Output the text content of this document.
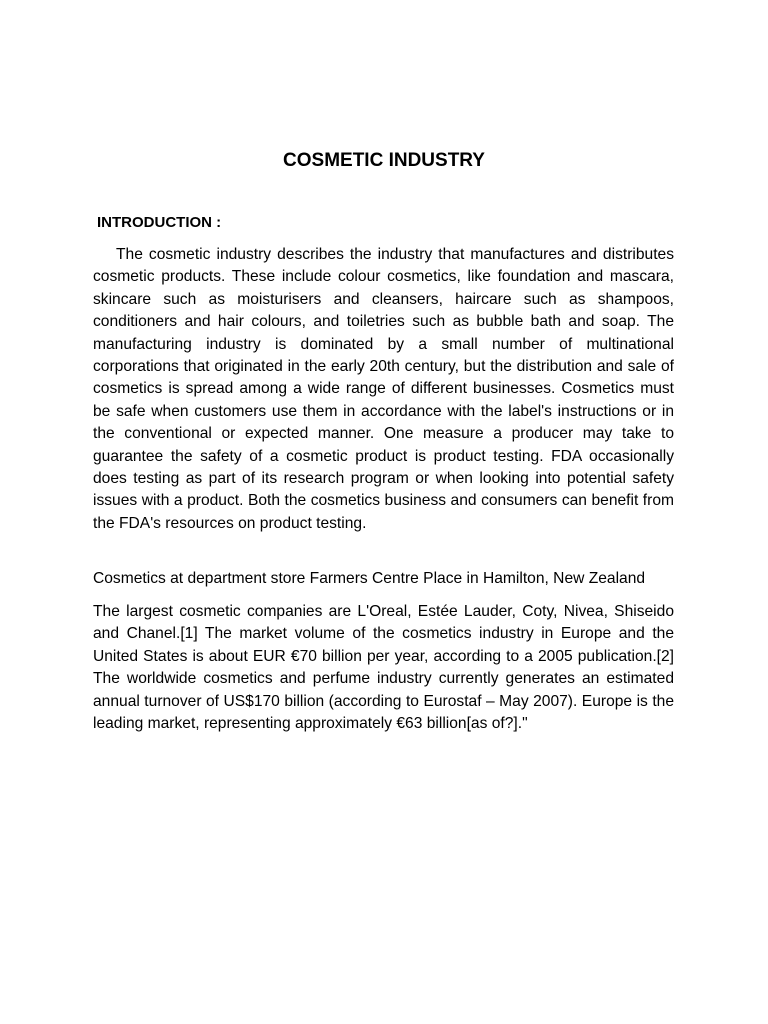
COSMETIC INDUSTRY
INTRODUCTION :

The cosmetic industry describes the industry that manufactures and distributes cosmetic products. These include colour cosmetics, like foundation and mascara, skincare such as moisturisers and cleansers, haircare such as shampoos, conditioners and hair colours, and toiletries such as bubble bath and soap. The manufacturing industry is dominated by a small number of multinational corporations that originated in the early 20th century, but the distribution and sale of cosmetics is spread among a wide range of different businesses. Cosmetics must be safe when customers use them in accordance with the label's instructions or in the conventional or expected manner. One measure a producer may take to guarantee the safety of a cosmetic product is product testing. FDA occasionally does testing as part of its research program or when looking into potential safety issues with a product. Both the cosmetics business and consumers can benefit from the FDA's resources on product testing.

Cosmetics at department store Farmers Centre Place in Hamilton, New Zealand

The largest cosmetic companies are L'Oreal, Estée Lauder, Coty, Nivea, Shiseido and Chanel.[1] The market volume of the cosmetics industry in Europe and the United States is about EUR €70 billion per year, according to a 2005 publication.[2] The worldwide cosmetics and perfume industry currently generates an estimated annual turnover of US$170 billion (according to Eurostaf – May 2007). Europe is the leading market, representing approximately €63 billion[as of?]."
